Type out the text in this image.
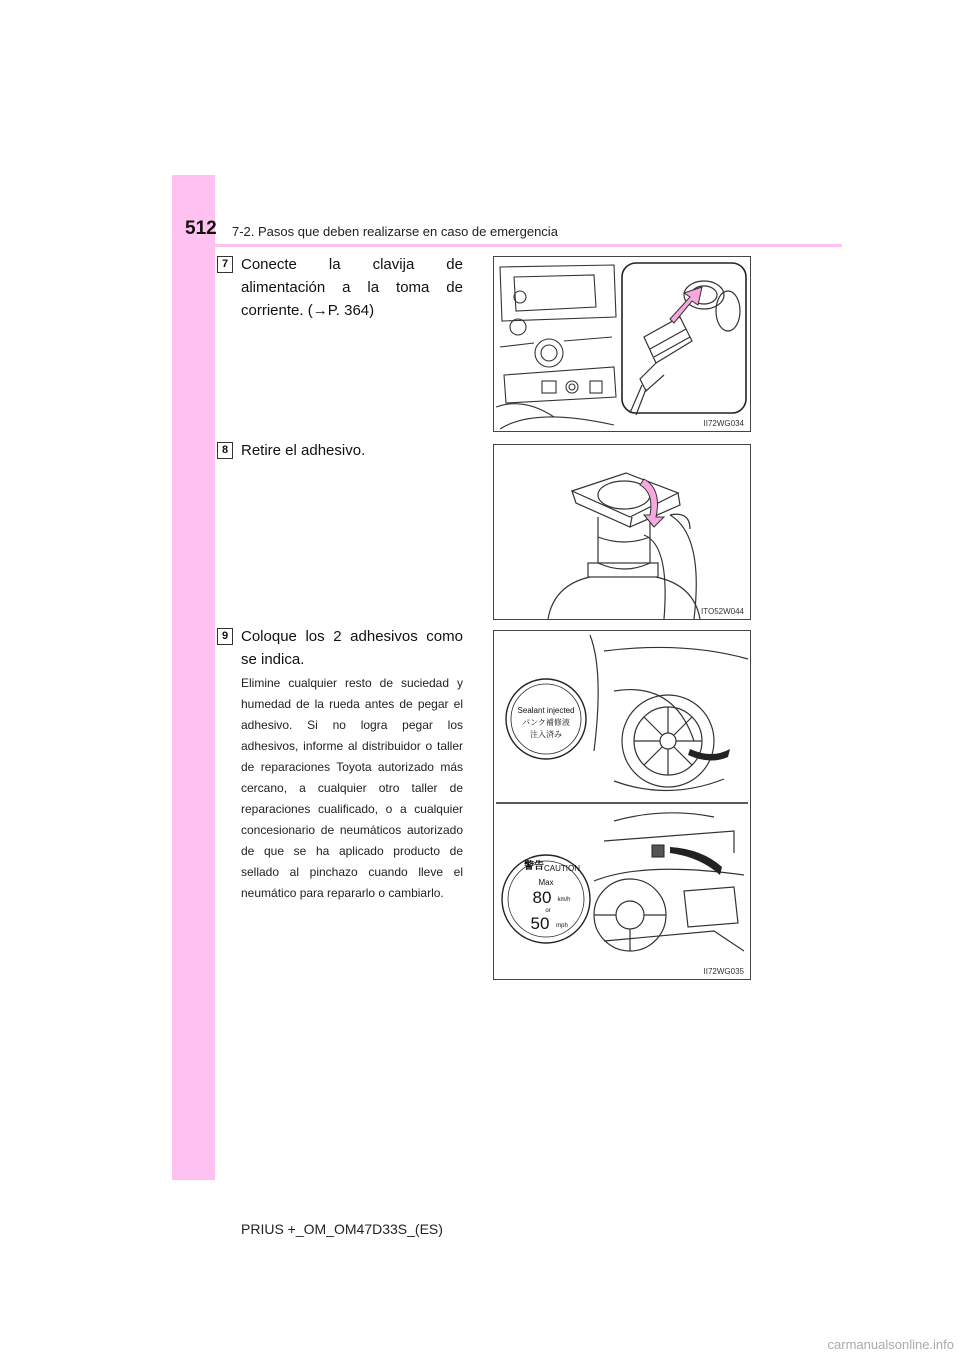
512 7-2. Pasos que deben realizarse en caso de emergencia
7 Conecte la clavija de alimentación a la toma de corriente. (→P. 364)
II72WG034
8 Retire el adhesivo.
ITO52W044
9 Coloque los 2 adhesivos como se indica.
Elimine cualquier resto de suciedad y humedad de la rueda antes de pegar el adhesivo. Si no logra pegar los adhesivos, informe al distribuidor o taller de reparaciones Toyota autorizado más cercano, a cualquier otro taller de reparaciones cualificado, o a cualquier concesionario de neumáticos autorizado de que se ha aplicado producto de sellado al pinchazo cuando lleve el neumático para repararlo o cambiarlo.
Sealant injected
パンク補修液
注入済み
警告 CAUTION
Max
80 km/h
or
50 mph
II72WG035
PRIUS +_OM_OM47D33S_(ES)
carmanualsonline.info
